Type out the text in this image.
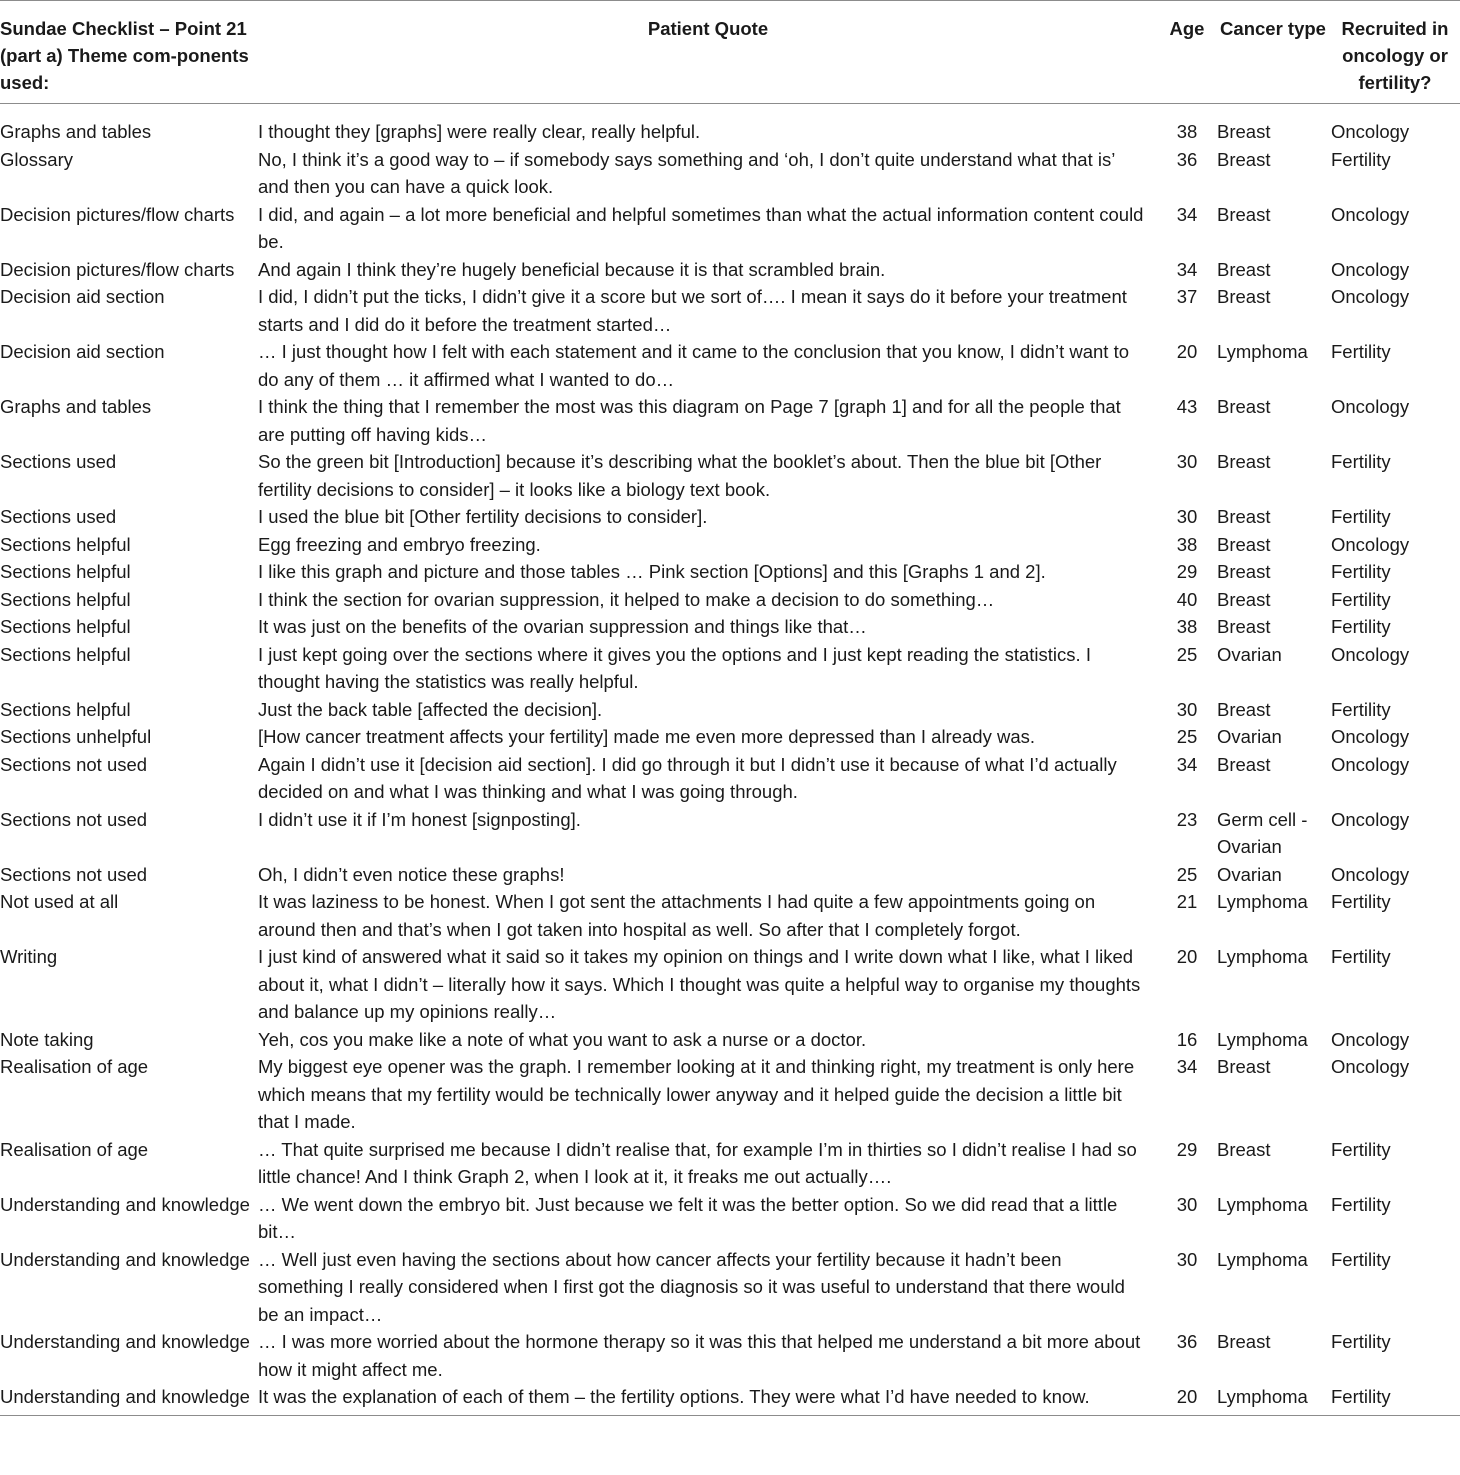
Sundae Checklist – Point 21 (part a) Theme com-ponents used:	Patient Quote	Age	Cancer type	Recruited in oncology or fertility?
Graphs and tables	I thought they [graphs] were really clear, really helpful.	38	Breast	Oncology
Glossary	No, I think it’s a good way to – if somebody says something and ‘oh, I don’t quite understand what that is’ and then you can have a quick look.	36	Breast	Fertility
Decision pictures/flow charts	I did, and again – a lot more beneficial and helpful sometimes than what the actual information content could be.	34	Breast	Oncology
Decision pictures/flow charts	And again I think they’re hugely beneficial because it is that scrambled brain.	34	Breast	Oncology
Decision aid section	I did, I didn’t put the ticks, I didn’t give it a score but we sort of…. I mean it says do it before your treatment starts and I did do it before the treatment started…	37	Breast	Oncology
Decision aid section	… I just thought how I felt with each statement and it came to the conclusion that you know, I didn’t want to do any of them … it affirmed what I wanted to do…	20	Lymphoma	Fertility
Graphs and tables	I think the thing that I remember the most was this diagram on Page 7 [graph 1] and for all the people that are putting off having kids…	43	Breast	Oncology
Sections used	So the green bit [Introduction] because it’s describing what the booklet’s about. Then the blue bit [Other fertility decisions to consider] – it looks like a biology text book.	30	Breast	Fertility
Sections used	I used the blue bit [Other fertility decisions to consider].	30	Breast	Fertility
Sections helpful	Egg freezing and embryo freezing.	38	Breast	Oncology
Sections helpful	I like this graph and picture and those tables … Pink section [Options] and this [Graphs 1 and 2].	29	Breast	Fertility
Sections helpful	I think the section for ovarian suppression, it helped to make a decision to do something…	40	Breast	Fertility
Sections helpful	It was just on the benefits of the ovarian suppression and things like that…	38	Breast	Fertility
Sections helpful	I just kept going over the sections where it gives you the options and I just kept reading the statistics. I thought having the statistics was really helpful.	25	Ovarian	Oncology
Sections helpful	Just the back table [affected the decision].	30	Breast	Fertility
Sections unhelpful	[How cancer treatment affects your fertility] made me even more depressed than I already was.	25	Ovarian	Oncology
Sections not used	Again I didn’t use it [decision aid section]. I did go through it but I didn’t use it because of what I’d actually decided on and what I was thinking and what I was going through.	34	Breast	Oncology
Sections not used	I didn’t use it if I’m honest [signposting].	23	Germ cell - Ovarian	Oncology
Sections not used	Oh, I didn’t even notice these graphs!	25	Ovarian	Oncology
Not used at all	It was laziness to be honest. When I got sent the attachments I had quite a few appointments going on around then and that’s when I got taken into hospital as well. So after that I completely forgot.	21	Lymphoma	Fertility
Writing	I just kind of answered what it said so it takes my opinion on things and I write down what I like, what I liked about it, what I didn’t – literally how it says. Which I thought was quite a helpful way to organise my thoughts and balance up my opinions really…	20	Lymphoma	Fertility
Note taking	Yeh, cos you make like a note of what you want to ask a nurse or a doctor.	16	Lymphoma	Oncology
Realisation of age	My biggest eye opener was the graph. I remember looking at it and thinking right, my treatment is only here which means that my fertility would be technically lower anyway and it helped guide the decision a little bit that I made.	34	Breast	Oncology
Realisation of age	… That quite surprised me because I didn’t realise that, for example I’m in thirties so I didn’t realise I had so little chance! And I think Graph 2, when I look at it, it freaks me out actually….	29	Breast	Fertility
Understanding and knowledge	… We went down the embryo bit. Just because we felt it was the better option. So we did read that a little bit…	30	Lymphoma	Fertility
Understanding and knowledge	… Well just even having the sections about how cancer affects your fertility because it hadn’t been something I really considered when I first got the diagnosis so it was useful to understand that there would be an impact…	30	Lymphoma	Fertility
Understanding and knowledge	… I was more worried about the hormone therapy so it was this that helped me understand a bit more about how it might affect me.	36	Breast	Fertility
Understanding and knowledge	It was the explanation of each of them – the fertility options. They were what I’d have needed to know.	20	Lymphoma	Fertility
